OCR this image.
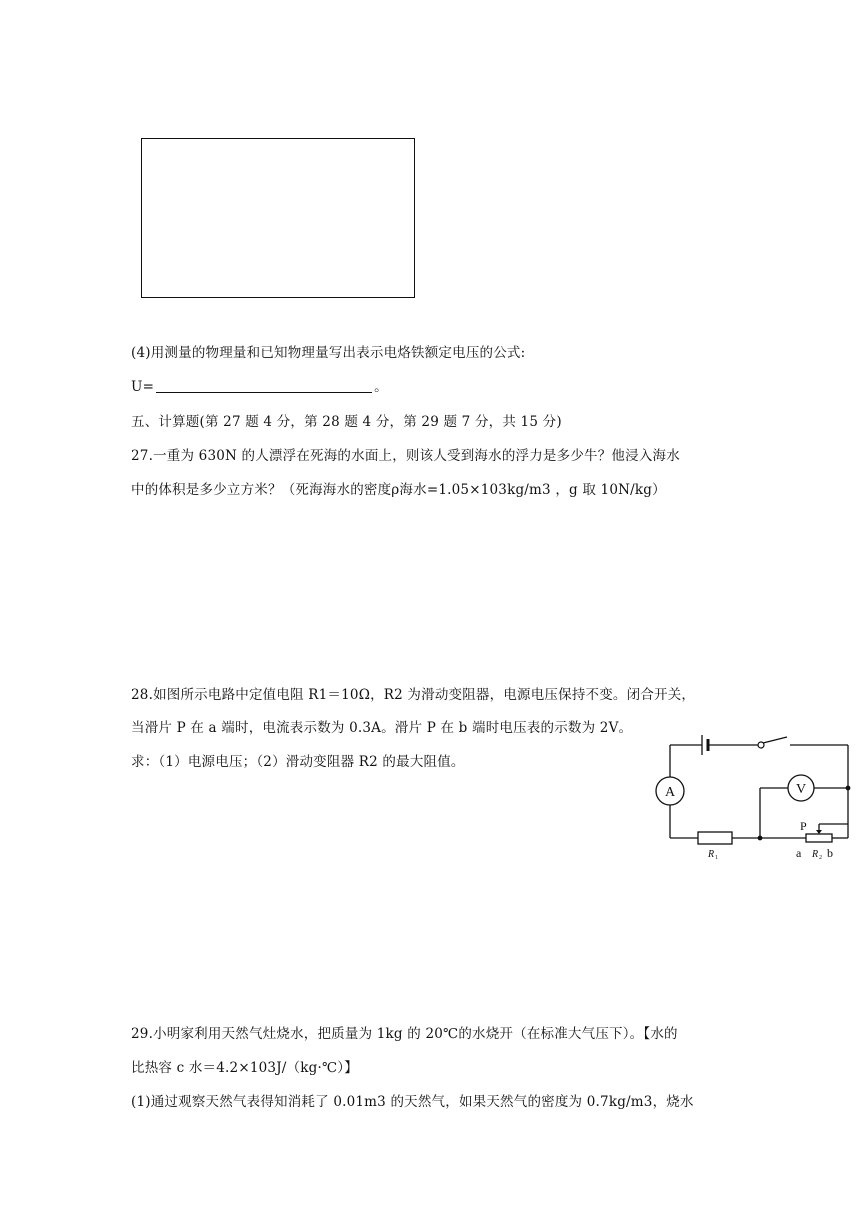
(4)用测量的物理量和已知物理量写出表示电烙铁额定电压的公式:
U=	。
五、计算题(第 27 题 4 分，第 28 题 4 分，第 29 题 7 分，共 15 分)
27.一重为 630N 的人漂浮在死海的水面上，则该人受到海水的浮力是多少牛？他浸入海水
中的体积是多少立方米？（死海海水的密度ρ海水=1.05×103kg/m3 ，g 取 10N/kg）
28.如图所示电路中定值电阻 R1＝10Ω，R2 为滑动变阻器，电源电压保持不变。闭合开关，
当滑片 P 在 a 端时，电流表示数为 0.3A。滑片 P 在 b 端时电压表的示数为 2V。
求：（1）电源电压；（2）滑动变阻器 R2 的最大阻值。
A
R 1
V
P
a R 2 b
29.小明家利用天然气灶烧水，把质量为 1kg 的 20℃的水烧开（在标准大气压下）。【水的
比热容 c 水＝4.2×103J/（kg·℃）】
(1)通过观察天然气表得知消耗了 0.01m3 的天然气，如果天然气的密度为 0.7kg/m3，烧水
